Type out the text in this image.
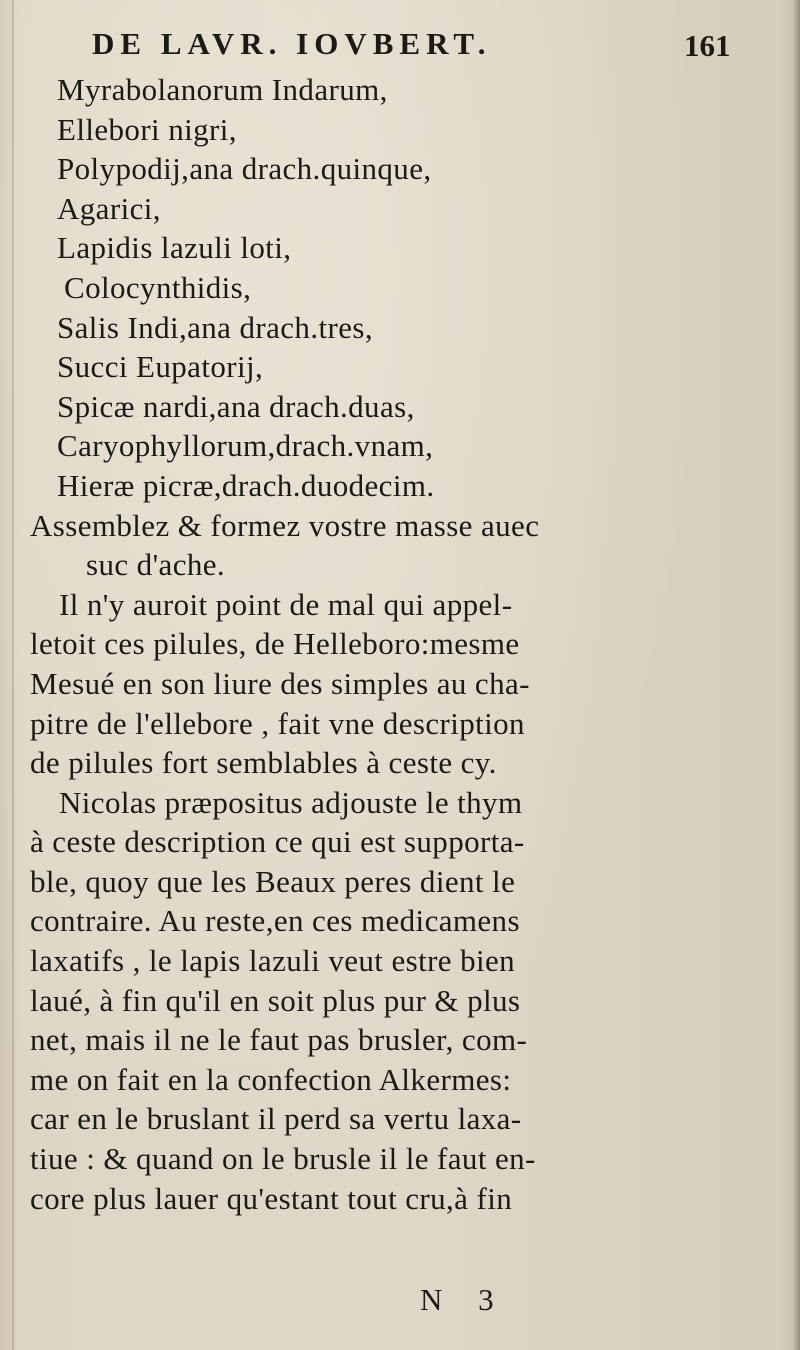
DE LAVR. IOVBERT.	161
Myrabolanorum Indarum,
Ellebori nigri,
Polypodij,ana drach.quinque,
Agarici,
Lapidis lazuli loti,
Colocynthidis,
Salis Indi,ana drach.tres,
Succi Eupatorij,
Spicæ nardi,ana drach.duas,
Caryophyllorum,drach.vnam,
Hieræ picræ,drach.duodecim.
Assemblez & formez vostre masse auec
suc d'ache.
Il n'y auroit point de mal qui appel-
letoit ces pilules, de Helleboro:mesme
Mesué en son liure des simples au cha-
pitre de l'ellebore , fait vne description
de pilules fort semblables à ceste cy.
Nicolas præpositus adjouste le thym
à ceste description ce qui est supporta-
ble, quoy que les Beaux peres dient le
contraire. Au reste,en ces medicamens
laxatifs , le lapis lazuli veut estre bien
laué, à fin qu'il en soit plus pur & plus
net, mais il ne le faut pas brusler, com-
me on fait en la confection Alkermes:
car en le bruslant il perd sa vertu laxa-
tiue : & quand on le brusle il le faut en-
core plus lauer qu'estant tout cru,à fin
N 3
